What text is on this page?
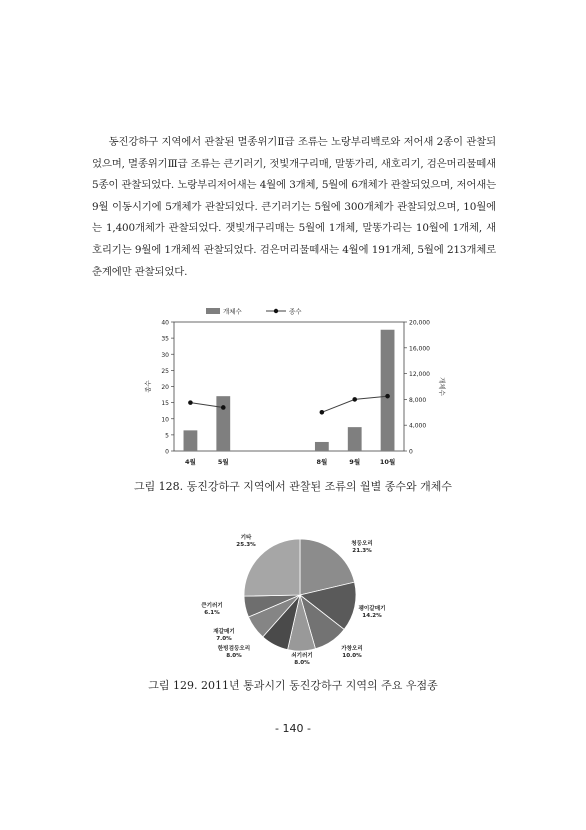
동진강하구 지역에서 관찰된 멸종위기Ⅱ급 조류는 노랑부리백로와 저어새 2종이 관찰되었으며, 멸종위기Ⅲ급 조류는 큰기러기, 젓빛개구리매, 말똥가리, 새호리기, 검은머리물떼새 5종이 관찰되었다. 노랑부리저어새는 4월에 3개체, 5월에 6개체가 관찰되었으며, 저어새는 9월 이동시기에 5개체가 관찰되었다. 큰기러기는 5월에 300개체가 관찰되었으며, 10월에는 1,400개체가 관찰되었다. 잿빛개구리매는 5월에 1개체, 말똥가리는 10월에 1개체, 새호리기는 9월에 1개체씩 관찰되었다. 검은머리물떼새는 4월에 191개체, 5월에 213개체로 춘계에만 관찰되었다.

0
5
10
15
20
25
30
35
40
0
4,000
8,000
12,000
16,000
20,000
종수	개체수
4월	5월	8월	9월	10월
개체수	종수

그림 128. 동진강하구 지역에서 관찰된 조류의 월별 종수와 개체수

청둥오리
21.3%
괭이갈매기
14.2%
가창오리
10.0%
쇠기러기
8.0%
한빙검둥오리
8.0%
재갈매기
7.0%
큰기러기
6.1%
기타
25.3%

그림 129. 2011년 통과시기 동진강하구 지역의 주요 우점종

- 140 -
